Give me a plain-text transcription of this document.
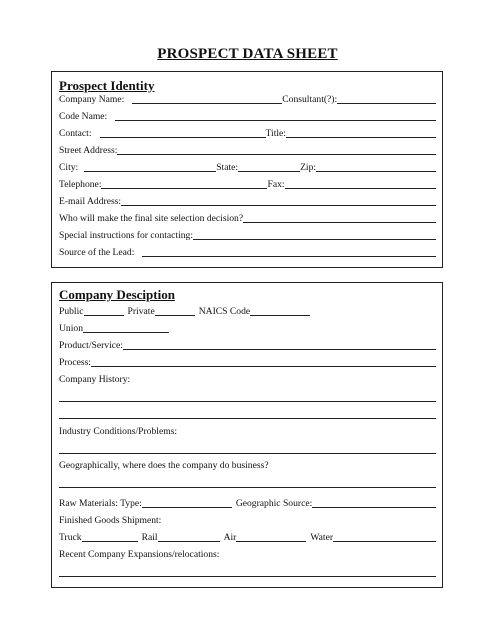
PROSPECT DATA SHEET
Prospect Identity
Company Name:	Consultant(?):
Code Name:
Contact:	Title:
Street Address:
City:	State:	Zip:
Telephone:	Fax:
E-mail Address:
Who will make the final site selection decision?
Special instructions for contacting:
Source of the Lead:
Company Desciption
Public	Private	NAICS Code
Union
Product/Service:
Process:
Company History:
Industry Conditions/Problems:
Geographically, where does the company do business?
Raw Materials: Type:	Geographic Source:
Finished Goods Shipment:
Truck	Rail	Air	Water
Recent Company Expansions/relocations:
